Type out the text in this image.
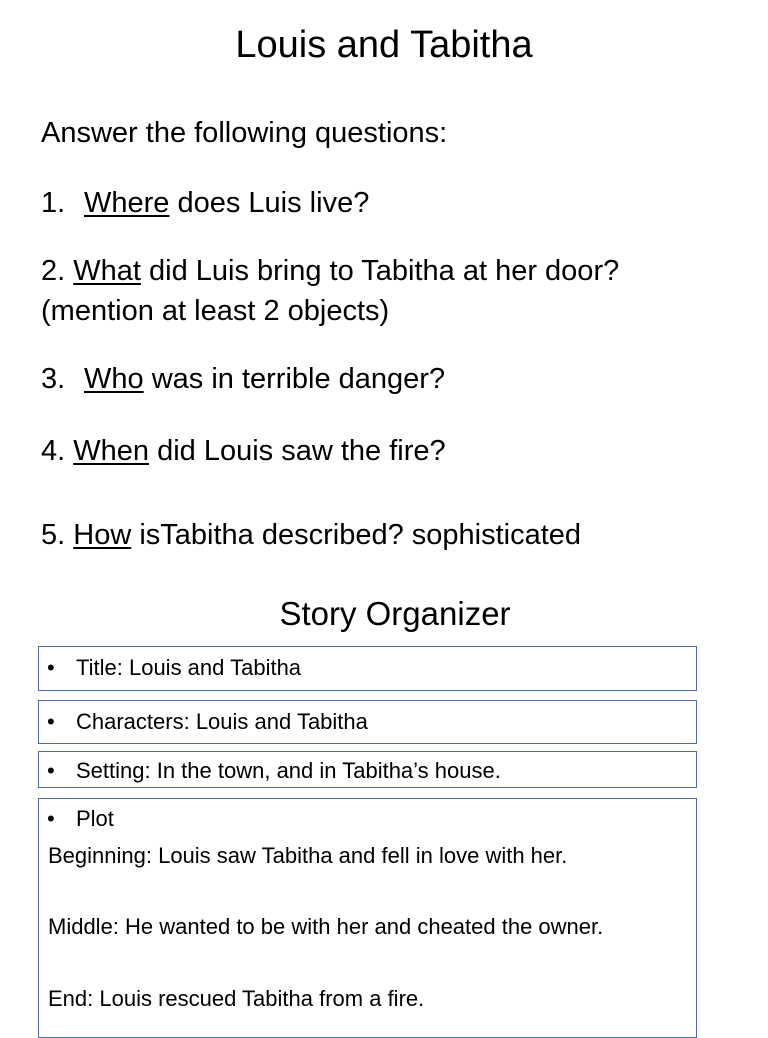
Louis and Tabitha
Answer the following questions:
1. Where does Luis live?
2. What did Luis bring to Tabitha at her door?
(mention at least 2 objects)
3. Who was in terrible danger?
4. When did Louis saw the fire?
5. How isTabitha described? sophisticated
Story Organizer
• Title: Louis and Tabitha
• Characters: Louis and Tabitha
• Setting: In the town, and in Tabitha’s house.
• Plot
Beginning: Louis saw Tabitha and fell in love with her.
Middle: He wanted to be with her and cheated the owner.
End: Louis rescued Tabitha from a fire.
